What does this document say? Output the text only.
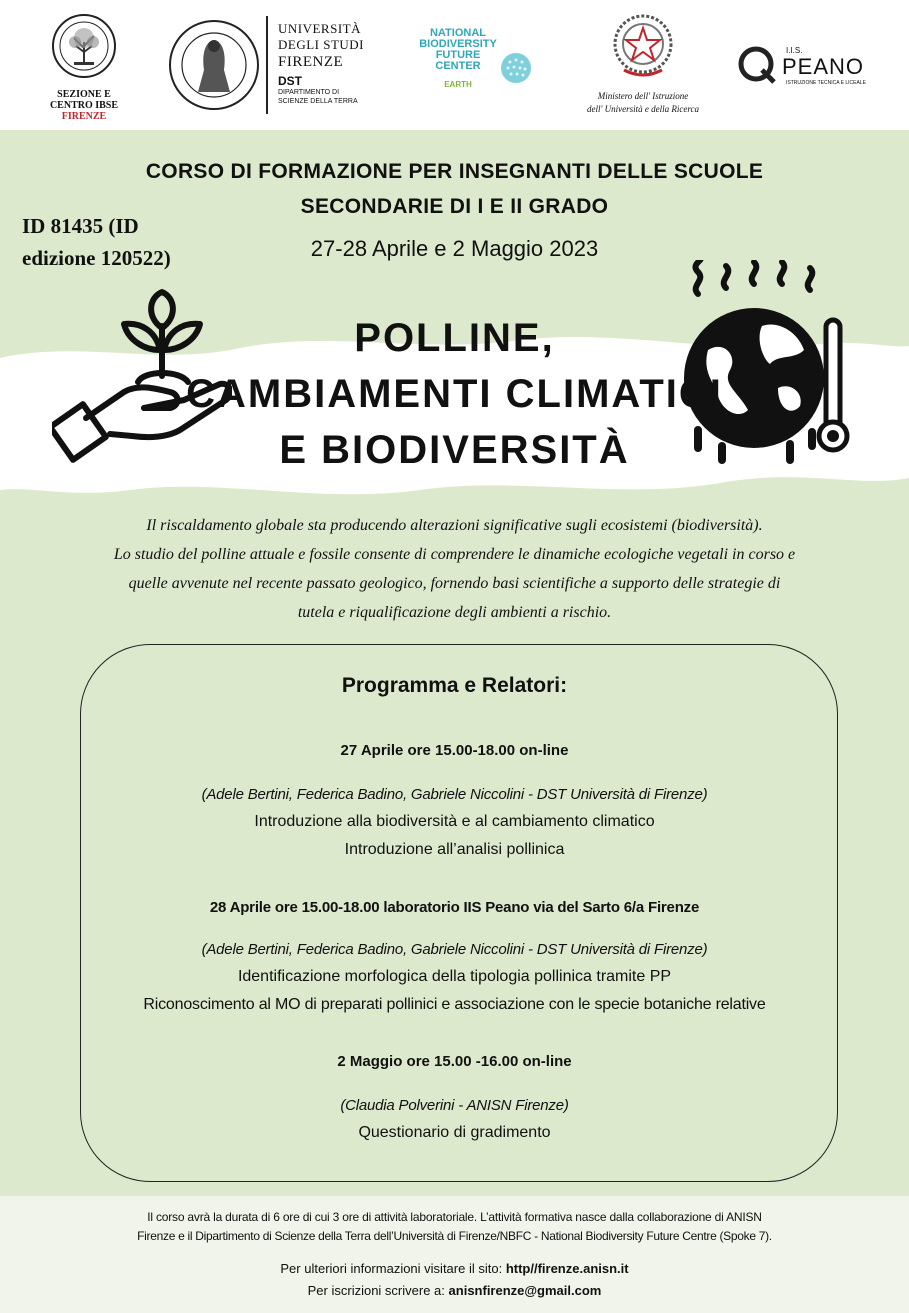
SEZIONE E
CENTRO IBSE
FIRENZE
UNIVERSITÀ
DEGLI STUDI
FIRENZE
DST
DIPARTIMENTO DI
SCIENZE DELLA TERRA
NATIONAL
BIODIVERSITY
FUTURE
CENTER
EARTH
Ministero dell' Istruzione
dell' Università e della Ricerca
I.I.S.
PEANO
ISTRUZIONE TECNICA E LICEALE
CORSO DI FORMAZIONE PER INSEGNANTI DELLE SCUOLE
SECONDARIE DI I E II GRADO
ID 81435 (ID
edizione 120522)	27-28 Aprile e 2 Maggio 2023
POLLINE,
CAMBIAMENTI CLIMATICI
E BIODIVERSITÀ
Il riscaldamento globale sta producendo alterazioni significative sugli ecosistemi (biodiversità).
Lo studio del polline attuale e fossile consente di comprendere le dinamiche ecologiche vegetali in corso e
quelle avvenute nel recente passato geologico, fornendo basi scientifiche a supporto delle strategie di
tutela e riqualificazione degli ambienti a rischio.
Programma e Relatori:
27 Aprile ore 15.00-18.00 on-line
(Adele Bertini, Federica Badino, Gabriele Niccolini - DST Università di Firenze)
Introduzione alla biodiversità e al cambiamento climatico
Introduzione all’analisi pollinica
28 Aprile ore 15.00-18.00 laboratorio IIS Peano via del Sarto 6/a Firenze
(Adele Bertini, Federica Badino, Gabriele Niccolini - DST Università di Firenze)
Identificazione morfologica della tipologia pollinica tramite PP
Riconoscimento al MO di preparati pollinici e associazione con le specie botaniche relative
2 Maggio ore 15.00 -16.00 on-line
(Claudia Polverini - ANISN Firenze)
Questionario di gradimento
Il corso avrà la durata di 6 ore di cui 3 ore di attività laboratoriale. L’attività formativa nasce dalla collaborazione di ANISN
Firenze e il Dipartimento di Scienze della Terra dell’Università di Firenze/NBFC - National Biodiversity Future Centre (Spoke 7).
Per ulteriori informazioni visitare il sito: http//firenze.anisn.it
Per iscrizioni scrivere a: anisnfirenze@gmail.com
